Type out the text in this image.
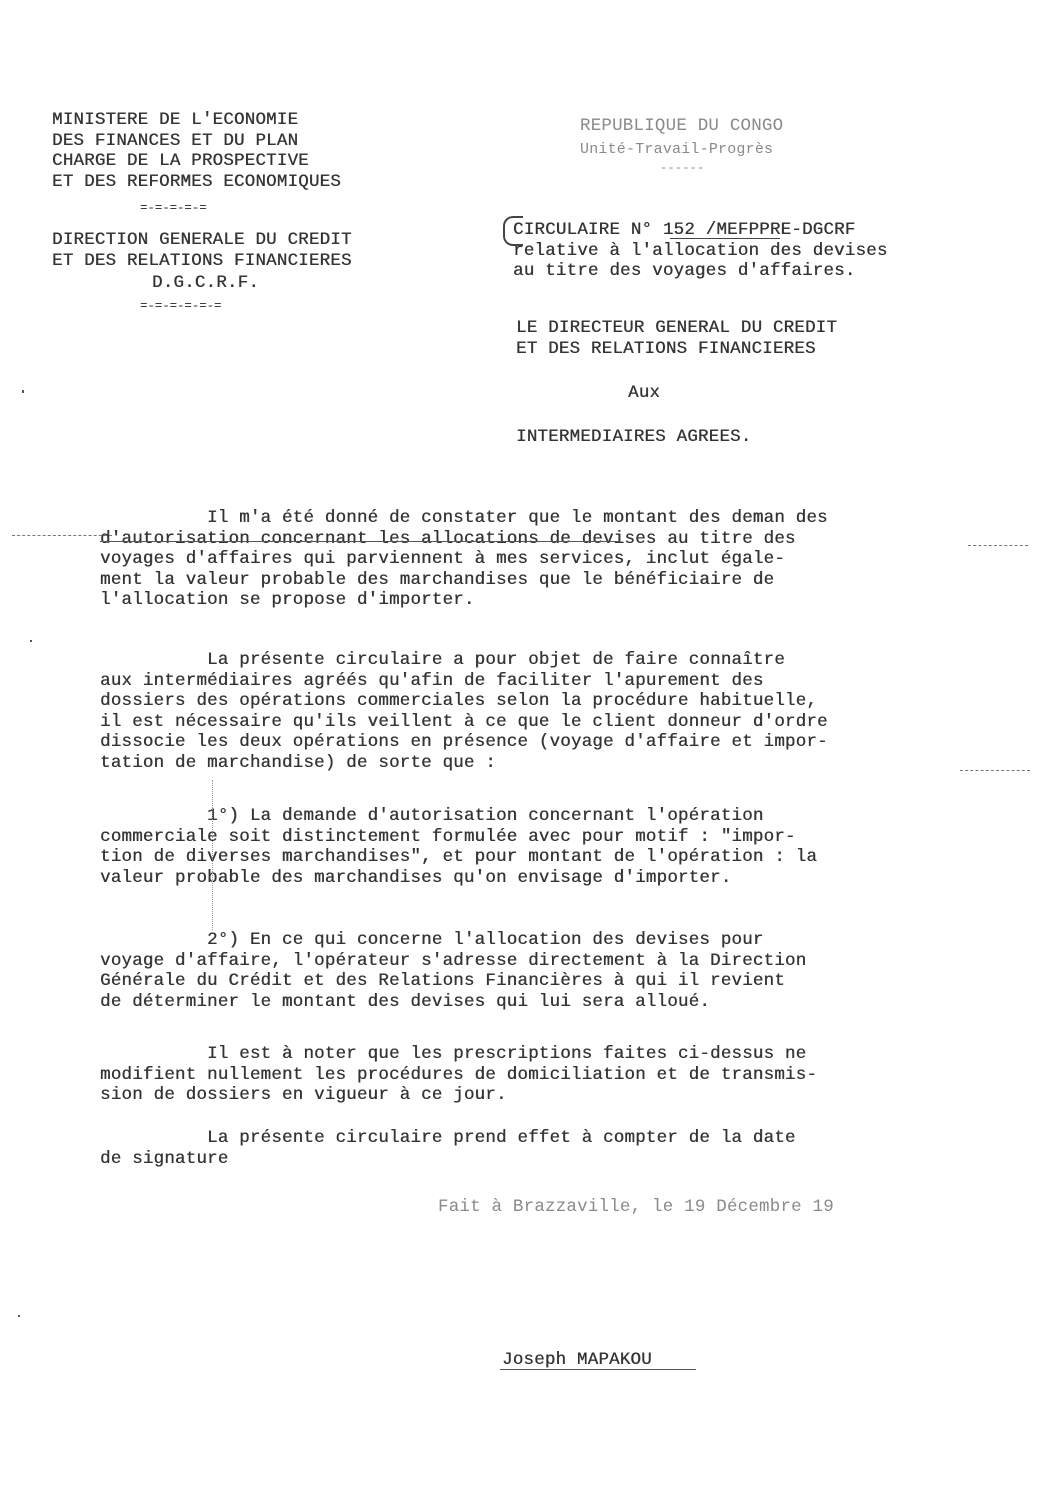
MINISTERE DE L'ECONOMIE
DES FINANCES ET DU PLAN
CHARGE DE LA PROSPECTIVE
ET DES REFORMES ECONOMIQUES
=-=-=-=-=
DIRECTION GENERALE DU CREDIT
ET DES RELATIONS FINANCIERES
D.G.C.R.F.
=-=-=-=-=-=
REPUBLIQUE DU CONGO
Unité-Travail-Progrès
------
CIRCULAIRE N° 152 /MEFPPRE-DGCRF
relative à l'allocation des devises
au titre des voyages d'affaires.
LE DIRECTEUR GENERAL DU CREDIT
ET DES RELATIONS FINANCIERES
Aux
INTERMEDIAIRES AGREES.
Il m'a été donné de constater que le montant des deman des
d'autorisation concernant les allocations de devises au titre des
voyages d'affaires qui parviennent à mes services, inclut égale-
ment la valeur probable des marchandises que le bénéficiaire de
l'allocation se propose d'importer.
La présente circulaire a pour objet de faire connaître
aux intermédiaires agréés qu'afin de faciliter l'apurement des
dossiers des opérations commerciales selon la procédure habituelle,
il est nécessaire qu'ils veillent à ce que le client donneur d'ordre
dissocie les deux opérations en présence (voyage d'affaire et impor-
tation de marchandise) de sorte que :
1°) La demande d'autorisation concernant l'opération
commerciale soit distinctement formulée avec pour motif : "impor-
tion de diverses marchandises", et pour montant de l'opération : la
valeur probable des marchandises qu'on envisage d'importer.
2°) En ce qui concerne l'allocation des devises pour
voyage d'affaire, l'opérateur s'adresse directement à la Direction
Générale du Crédit et des Relations Financières à qui il revient
de déterminer le montant des devises qui lui sera alloué.
Il est à noter que les prescriptions faites ci-dessus ne
modifient nullement les procédures de domiciliation et de transmis-
sion de dossiers en vigueur à ce jour.
La présente circulaire prend effet à compter de la date
de signature
Fait à Brazzaville, le 19 Décembre 19
Joseph MAPAKOU
